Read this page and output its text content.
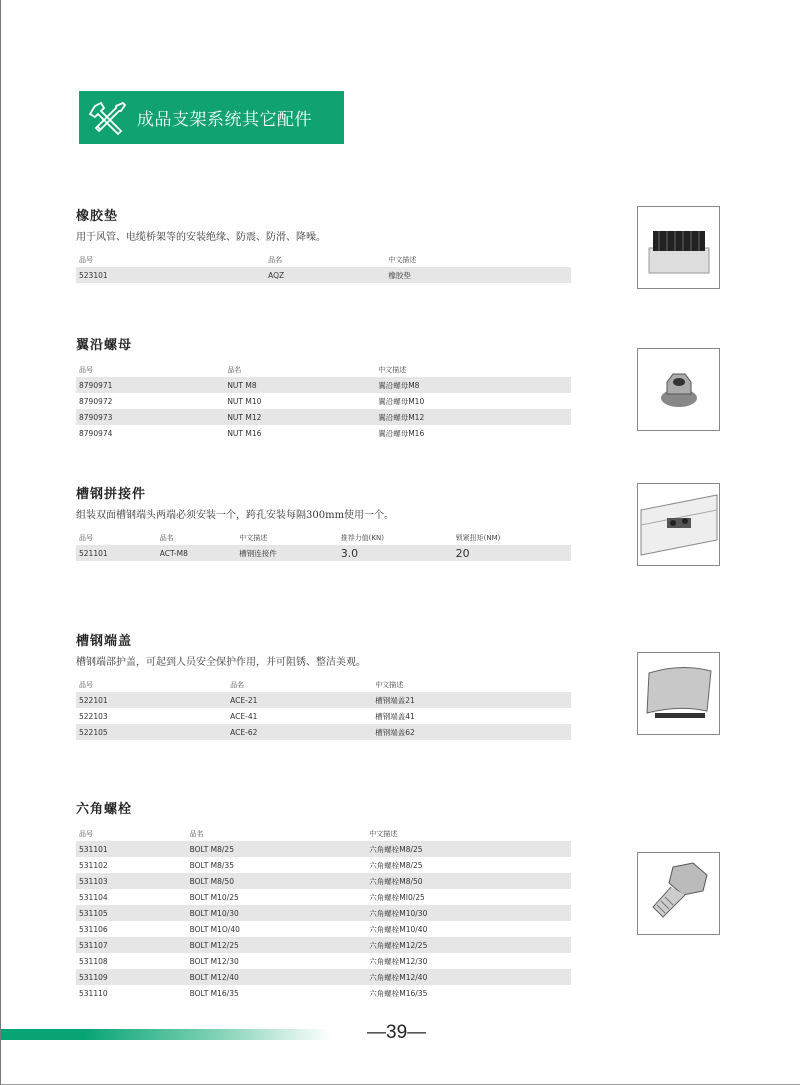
成品支架系统其它配件
橡胶垫
用于风管、电缆桥架等的安装绝缘、防震、防滑、降噪。
品号	品名	中文描述
523101	AQZ	橡胶垫
翼沿螺母
品号	品名	中文描述
8790971	NUT M8	翼沿螺母M8
8790972	NUT M10	翼沿螺母M10
8790973	NUT M12	翼沿螺母M12
8790974	NUT M16	翼沿螺母M16
槽钢拼接件
组装双面槽钢端头两端必须安装一个，跨孔安装每隔300mm使用一个。
品号	品名	中文描述	推荐力值(KN)	锁紧扭矩(NM)
521101	ACT-M8	槽钢连接件	3.0	20
槽钢端盖
槽钢端部护盖，可起到人员安全保护作用，并可阻锈、整洁美观。
品号	品名	中文描述
522101	ACE-21	槽钢端盖21
522103	ACE-41	槽钢端盖41
522105	ACE-62	槽钢端盖62
六角螺栓
品号	品名	中文描述
531101	BOLT M8/25	六角螺栓M8/25
531102	BOLT M8/35	六角螺栓M8/25
531103	BOLT M8/50	六角螺栓M8/50
531104	BOLT M10/25	六角螺栓MI0/25
531105	BOLT M10/30	六角螺栓M10/30
531106	BOLT M1O/40	六角螺栓M10/40
531107	BOLT M12/25	六角螺栓M12/25
531108	BOLT M12/30	六角螺栓M12/30
531109	BOLT M12/40	六角螺栓M12/40
531110	BOLT M16/35	六角螺栓M16/35
—39—
